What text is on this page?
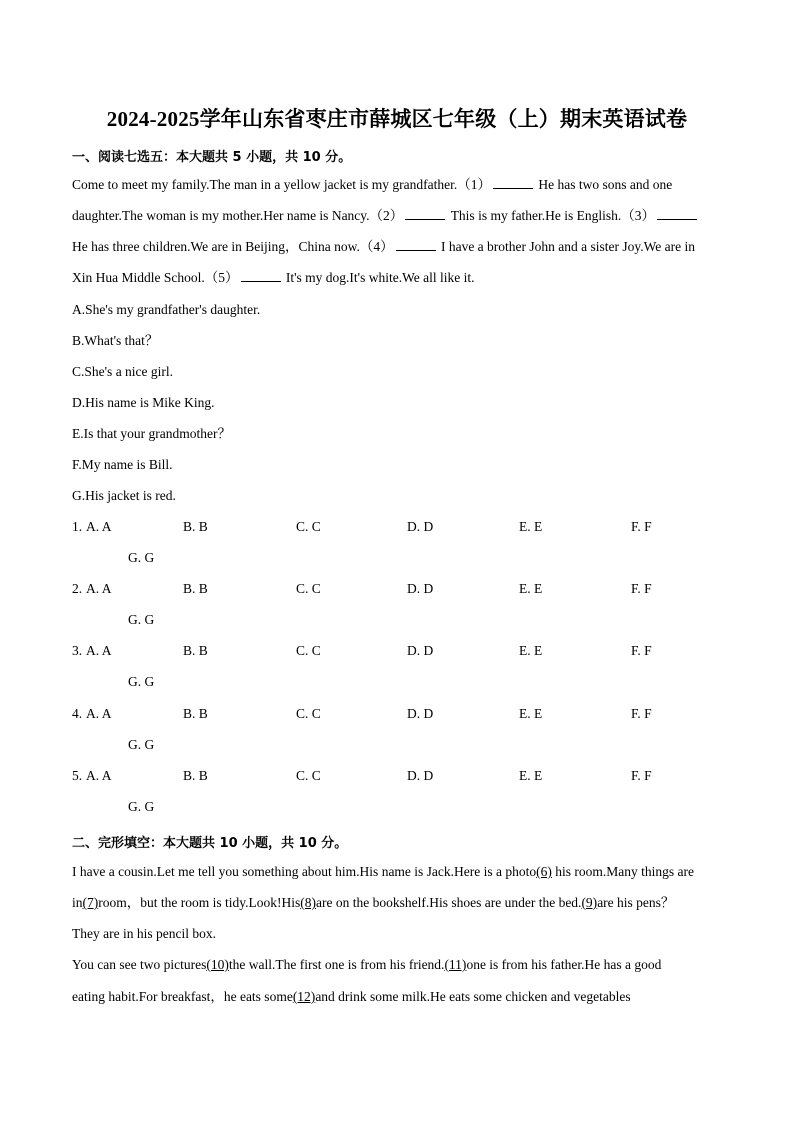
2024-2025学年山东省枣庄市薛城区七年级（上）期末英语试卷
一、阅读七选五：本大题共 5 小题，共 10 分。
Come to meet my family.The man in a yellow jacket is my grandfather.（1）	He has two sons and one
daughter.The woman is my mother.Her name is Nancy.（2）	This is my father.He is English.（3）
He has three children.We are in Beijing，China now.（4）	I have a brother John and a sister Joy.We are in
Xin Hua Middle School.（5）	It's my dog.It's white.We all like it.
A.She's my grandfather's daughter.
B.What's that？
C.She's a nice girl.
D.His name is Mike King.
E.Is that your grandmother？
F.My name is Bill.
G.His jacket is red.
1. A. A	B. B	C. C	D. D	E. E	F. F
G. G
2. A. A	B. B	C. C	D. D	E. E	F. F
G. G
3. A. A	B. B	C. C	D. D	E. E	F. F
G. G
4. A. A	B. B	C. C	D. D	E. E	F. F
G. G
5. A. A	B. B	C. C	D. D	E. E	F. F
G. G
二、完形填空：本大题共 10 小题，共 10 分。
I have a cousin.Let me tell you something about him.His name is Jack.Here is a photo(6) his room.Many things are
in(7)room，but the room is tidy.Look!His(8)are on the bookshelf.His shoes are under the bed.(9)are his pens？
They are in his pencil box.
You can see two pictures(10)the wall.The first one is from his friend.(11)one is from his father.He has a good
eating habit.For breakfast，he eats some(12)and drink some milk.He eats some chicken and vegetables
